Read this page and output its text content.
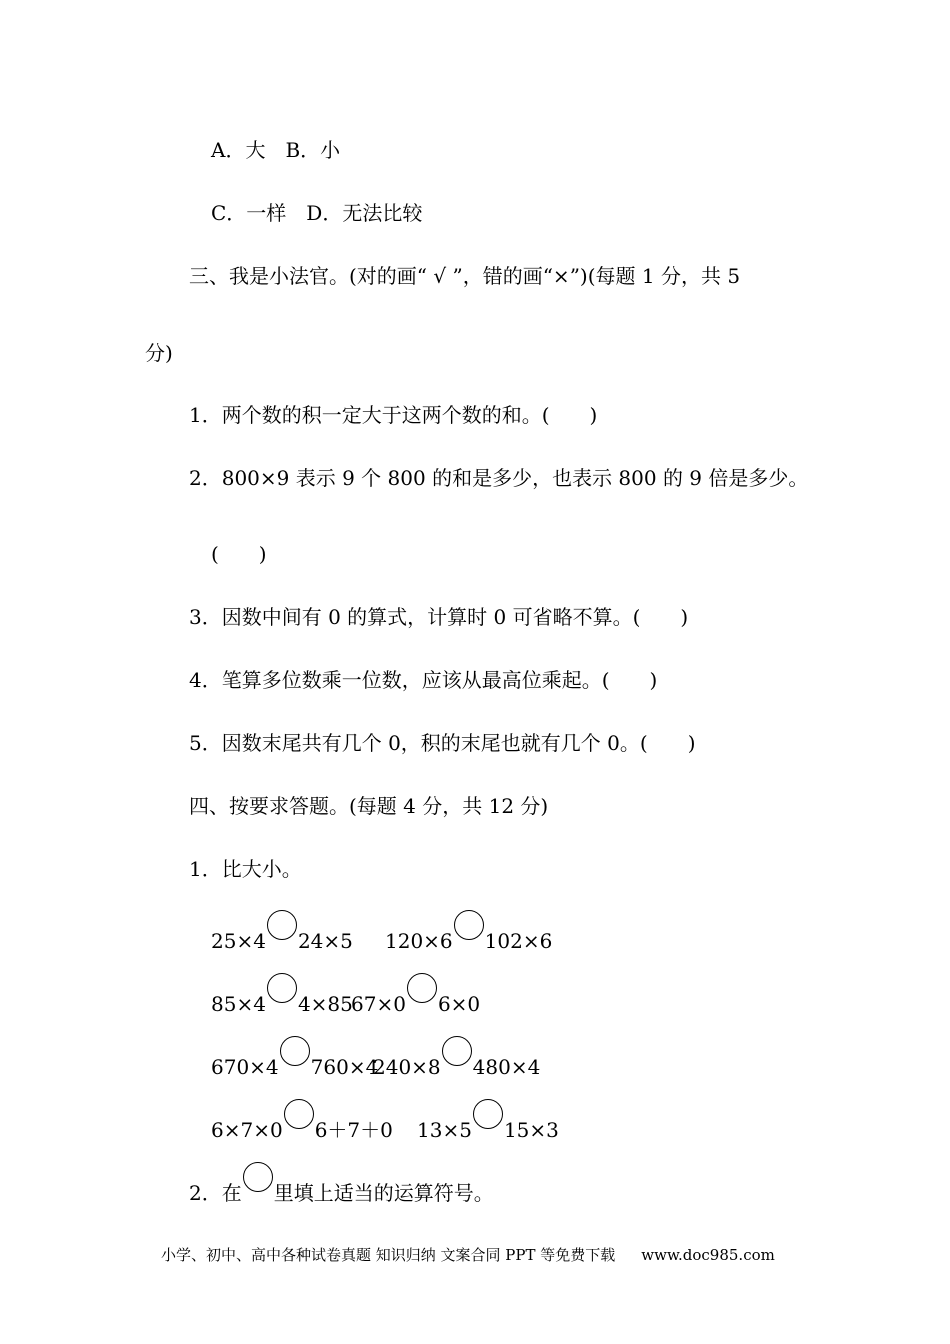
A．大　B．小
C．一样　D．无法比较
三、我是小法官。(对的画“ √ ”，错的画“×”)(每题 1 分，共 5
分)
1．两个数的积一定大于这两个数的和。(　　)
2．800×9 表示 9 个 800 的和是多少，也表示 800 的 9 倍是多少。
(　　)
3．因数中间有 0 的算式，计算时 0 可省略不算。(　　)
4．笔算多位数乘一位数，应该从最高位乘起。(　　)
5．因数末尾共有几个 0，积的末尾也就有几个 0。(　　)
四、按要求答题。(每题 4 分，共 12 分)
1．比大小。
25×4 24×5 120×6 102×6
85×4 4×85
67×0 6×0
670×4 760×4
240×8 480×4
6×7×0 6＋7＋0 13×5 15×3
2．在 里填上适当的运算符号。
小学、初中、高中各种试卷真题 知识归纳 文案合同 PPT 等免费下载 www.doc985.com
